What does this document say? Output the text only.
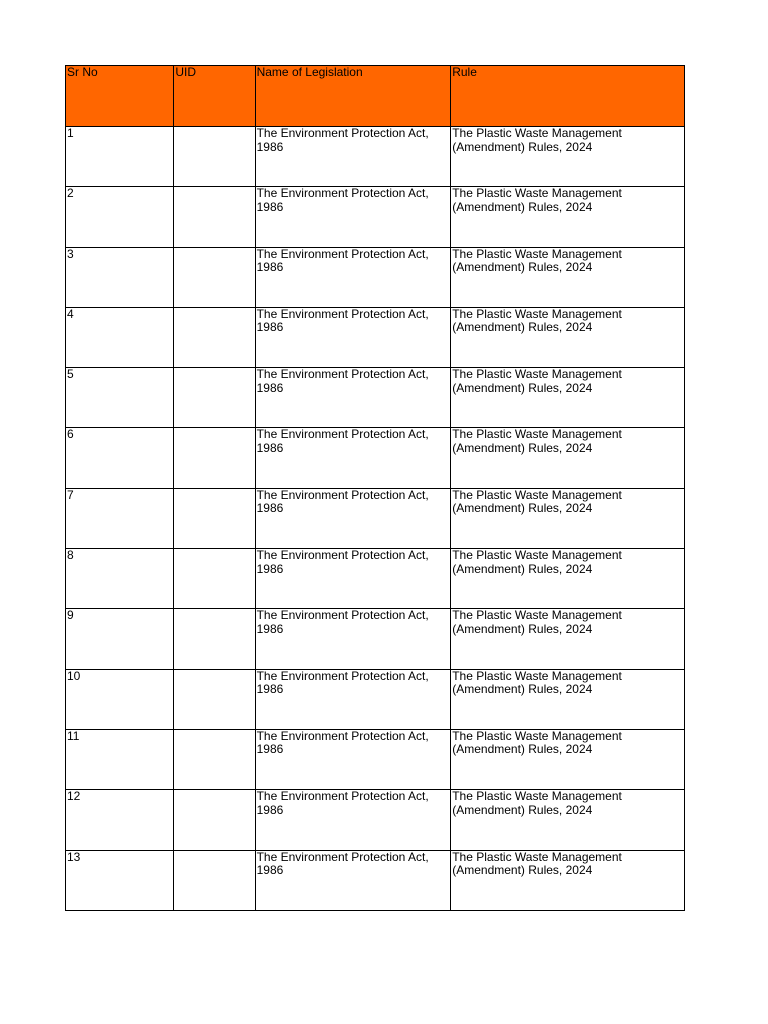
Sr No	UID	Name of Legislation	Rule
1		The Environment Protection Act, 1986	The Plastic Waste Management (Amendment) Rules, 2024
2		The Environment Protection Act, 1986	The Plastic Waste Management (Amendment) Rules, 2024
3		The Environment Protection Act, 1986	The Plastic Waste Management (Amendment) Rules, 2024
4		The Environment Protection Act, 1986	The Plastic Waste Management (Amendment) Rules, 2024
5		The Environment Protection Act, 1986	The Plastic Waste Management (Amendment) Rules, 2024
6		The Environment Protection Act, 1986	The Plastic Waste Management (Amendment) Rules, 2024
7		The Environment Protection Act, 1986	The Plastic Waste Management (Amendment) Rules, 2024
8		The Environment Protection Act, 1986	The Plastic Waste Management (Amendment) Rules, 2024
9		The Environment Protection Act, 1986	The Plastic Waste Management (Amendment) Rules, 2024
10		The Environment Protection Act, 1986	The Plastic Waste Management (Amendment) Rules, 2024
11		The Environment Protection Act, 1986	The Plastic Waste Management (Amendment) Rules, 2024
12		The Environment Protection Act, 1986	The Plastic Waste Management (Amendment) Rules, 2024
13		The Environment Protection Act, 1986	The Plastic Waste Management (Amendment) Rules, 2024
